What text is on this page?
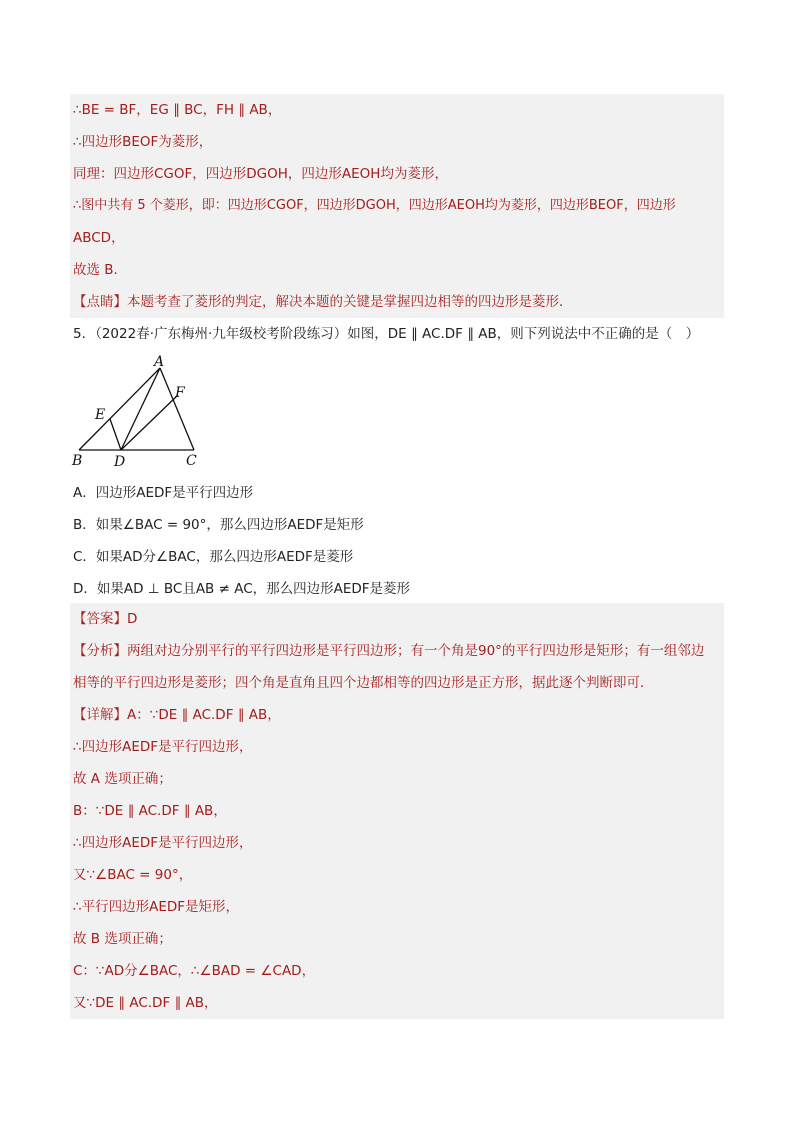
∴BE = BF，EG ∥ BC，FH ∥ AB，
∴四边形BEOF为菱形，
同理：四边形CGOF，四边形DGOH，四边形AEOH均为菱形，
∴图中共有 5 个菱形，即：四边形CGOF，四边形DGOH，四边形AEOH均为菱形，四边形BEOF，四边形
ABCD，
故选 B．
【点睛】本题考查了菱形的判定，解决本题的关键是掌握四边相等的四边形是菱形．
5．（2022春·广东梅州·九年级校考阶段练习）如图，DE ∥ AC.DF ∥ AB，则下列说法中不正确的是（　）
A
B	C
D
E
F
A．四边形AEDF是平行四边形
B．如果∠BAC = 90°，那么四边形AEDF是矩形
C．如果AD分∠BAC，那么四边形AEDF是菱形
D．如果AD ⊥ BC且AB ≠ AC，那么四边形AEDF是菱形
【答案】D
【分析】两组对边分别平行的平行四边形是平行四边形；有一个角是90°的平行四边形是矩形；有一组邻边
相等的平行四边形是菱形；四个角是直角且四个边都相等的四边形是正方形，据此逐个判断即可．
【详解】A：∵DE ∥ AC.DF ∥ AB，
∴四边形AEDF是平行四边形，
故 A 选项正确；
B：∵DE ∥ AC.DF ∥ AB，
∴四边形AEDF是平行四边形，
又∵∠BAC = 90°，
∴平行四边形AEDF是矩形，
故 B 选项正确；
C：∵AD分∠BAC，∴∠BAD = ∠CAD，
又∵DE ∥ AC.DF ∥ AB，
